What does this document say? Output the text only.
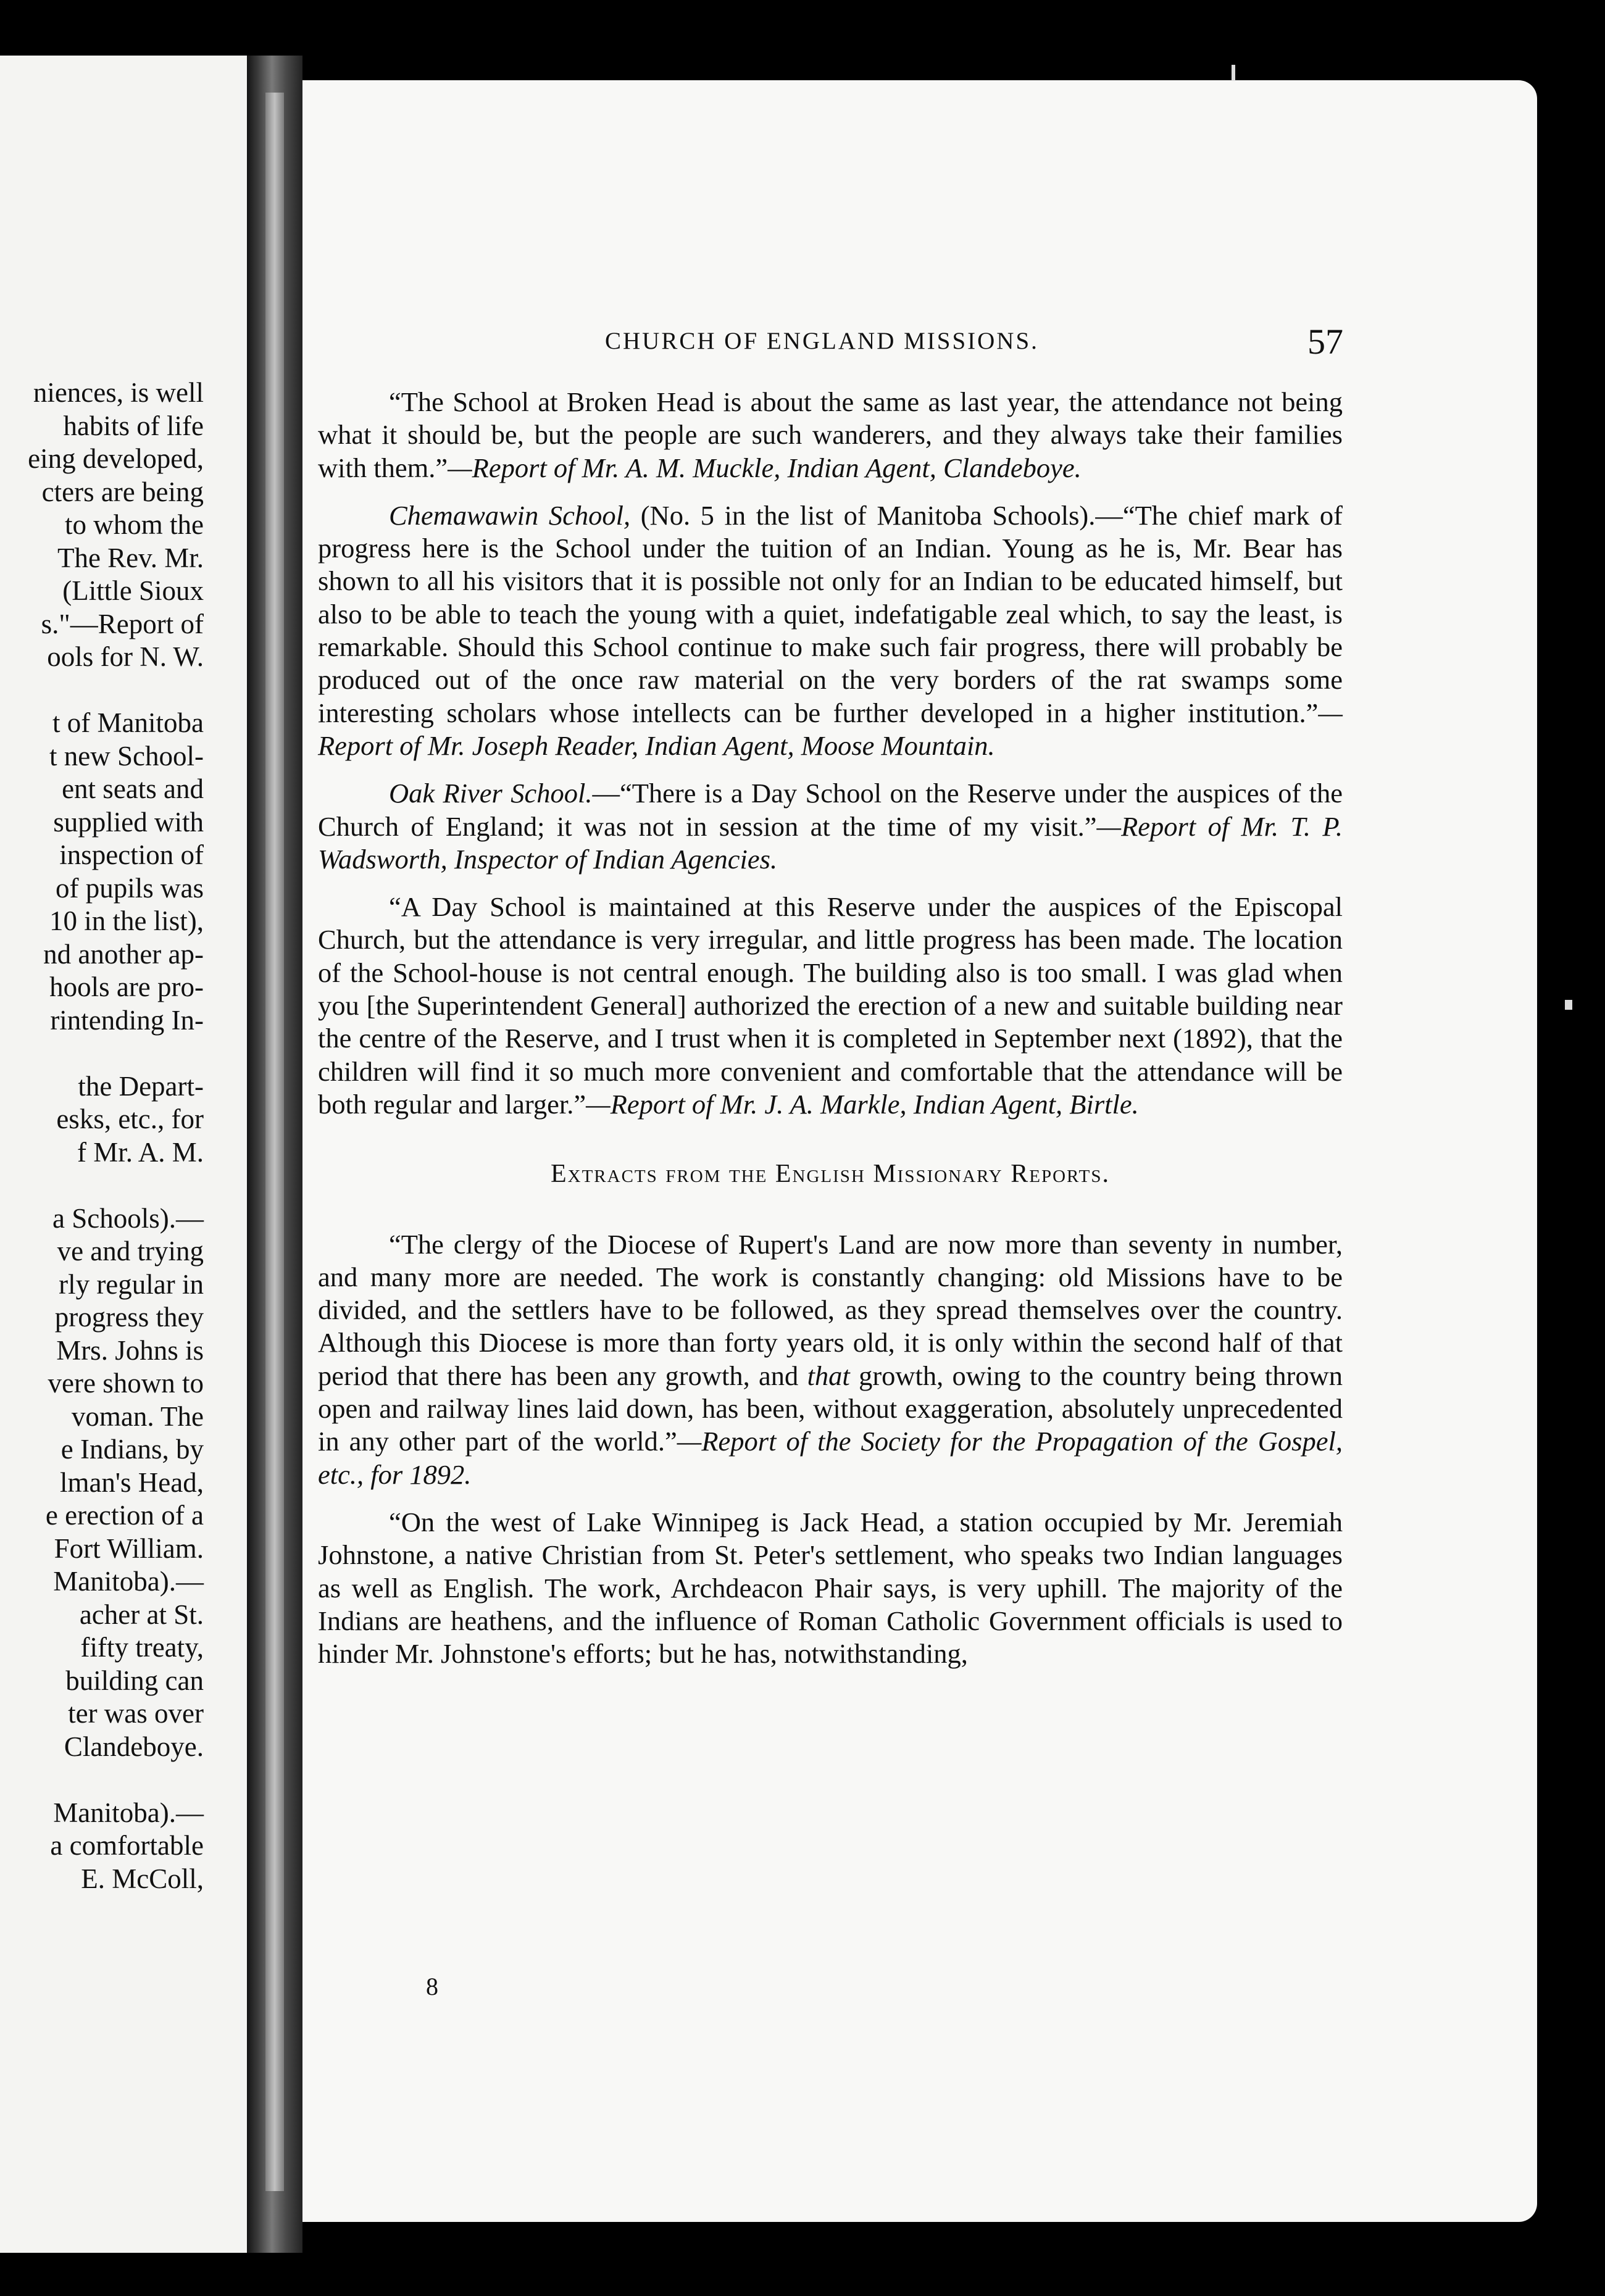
niences, is well
habits of life
eing developed,
cters are being
to whom the
The Rev. Mr.
(Little Sioux
s."—Report of
ools for N. W.
t of Manitoba
t new School-
ent seats and
supplied with
inspection of
of pupils was
10 in the list),
nd another ap-
hools are pro-
rintending In-
the Depart-
esks, etc., for
f Mr. A. M.
a Schools).—
ve and trying
rly regular in
progress they
Mrs. Johns is
vere shown to
voman. The
e Indians, by
lman's Head,
e erection of a
Fort William.
Manitoba).—
acher at St.
fifty treaty,
building can
ter was over
Clandeboye.
Manitoba).—
a comfortable
E. McColl,
CHURCH OF ENGLAND MISSIONS.	57

“The School at Broken Head is about the same as last year, the attendance not being what it should be, but the people are such wanderers, and they always take their families with them.”—Report of Mr. A. M. Muckle, Indian Agent, Clandeboye.

Chemawawin School, (No. 5 in the list of Manitoba Schools).—“The chief mark of progress here is the School under the tuition of an Indian. Young as he is, Mr. Bear has shown to all his visitors that it is possible not only for an Indian to be educated himself, but also to be able to teach the young with a quiet, indefatigable zeal which, to say the least, is remarkable. Should this School continue to make such fair progress, there will probably be produced out of the once raw material on the very borders of the rat swamps some interesting scholars whose intellects can be further developed in a higher institution.”—Report of Mr. Joseph Reader, Indian Agent, Moose Mountain.

Oak River School.—“There is a Day School on the Reserve under the auspices of the Church of England; it was not in session at the time of my visit.”—Report of Mr. T. P. Wadsworth, Inspector of Indian Agencies.

“A Day School is maintained at this Reserve under the auspices of the Episcopal Church, but the attendance is very irregular, and little progress has been made. The location of the School-house is not central enough. The building also is too small. I was glad when you [the Superintendent General] authorized the erection of a new and suitable building near the centre of the Reserve, and I trust when it is completed in September next (1892), that the children will find it so much more convenient and comfortable that the attendance will be both regular and larger.”—Report of Mr. J. A. Markle, Indian Agent, Birtle.

Extracts from the English Missionary Reports.

“The clergy of the Diocese of Rupert's Land are now more than seventy in number, and many more are needed. The work is constantly changing: old Missions have to be divided, and the settlers have to be followed, as they spread themselves over the country. Although this Diocese is more than forty years old, it is only within the second half of that period that there has been any growth, and that growth, owing to the country being thrown open and railway lines laid down, has been, without exaggeration, absolutely unprecedented in any other part of the world.”—Report of the Society for the Propagation of the Gospel, etc., for 1892.

“On the west of Lake Winnipeg is Jack Head, a station occupied by Mr. Jeremiah Johnstone, a native Christian from St. Peter's settlement, who speaks two Indian languages as well as English. The work, Archdeacon Phair says, is very uphill. The majority of the Indians are heathens, and the influence of Roman Catholic Government officials is used to hinder Mr. Johnstone's efforts; but he has, notwithstanding,

8
